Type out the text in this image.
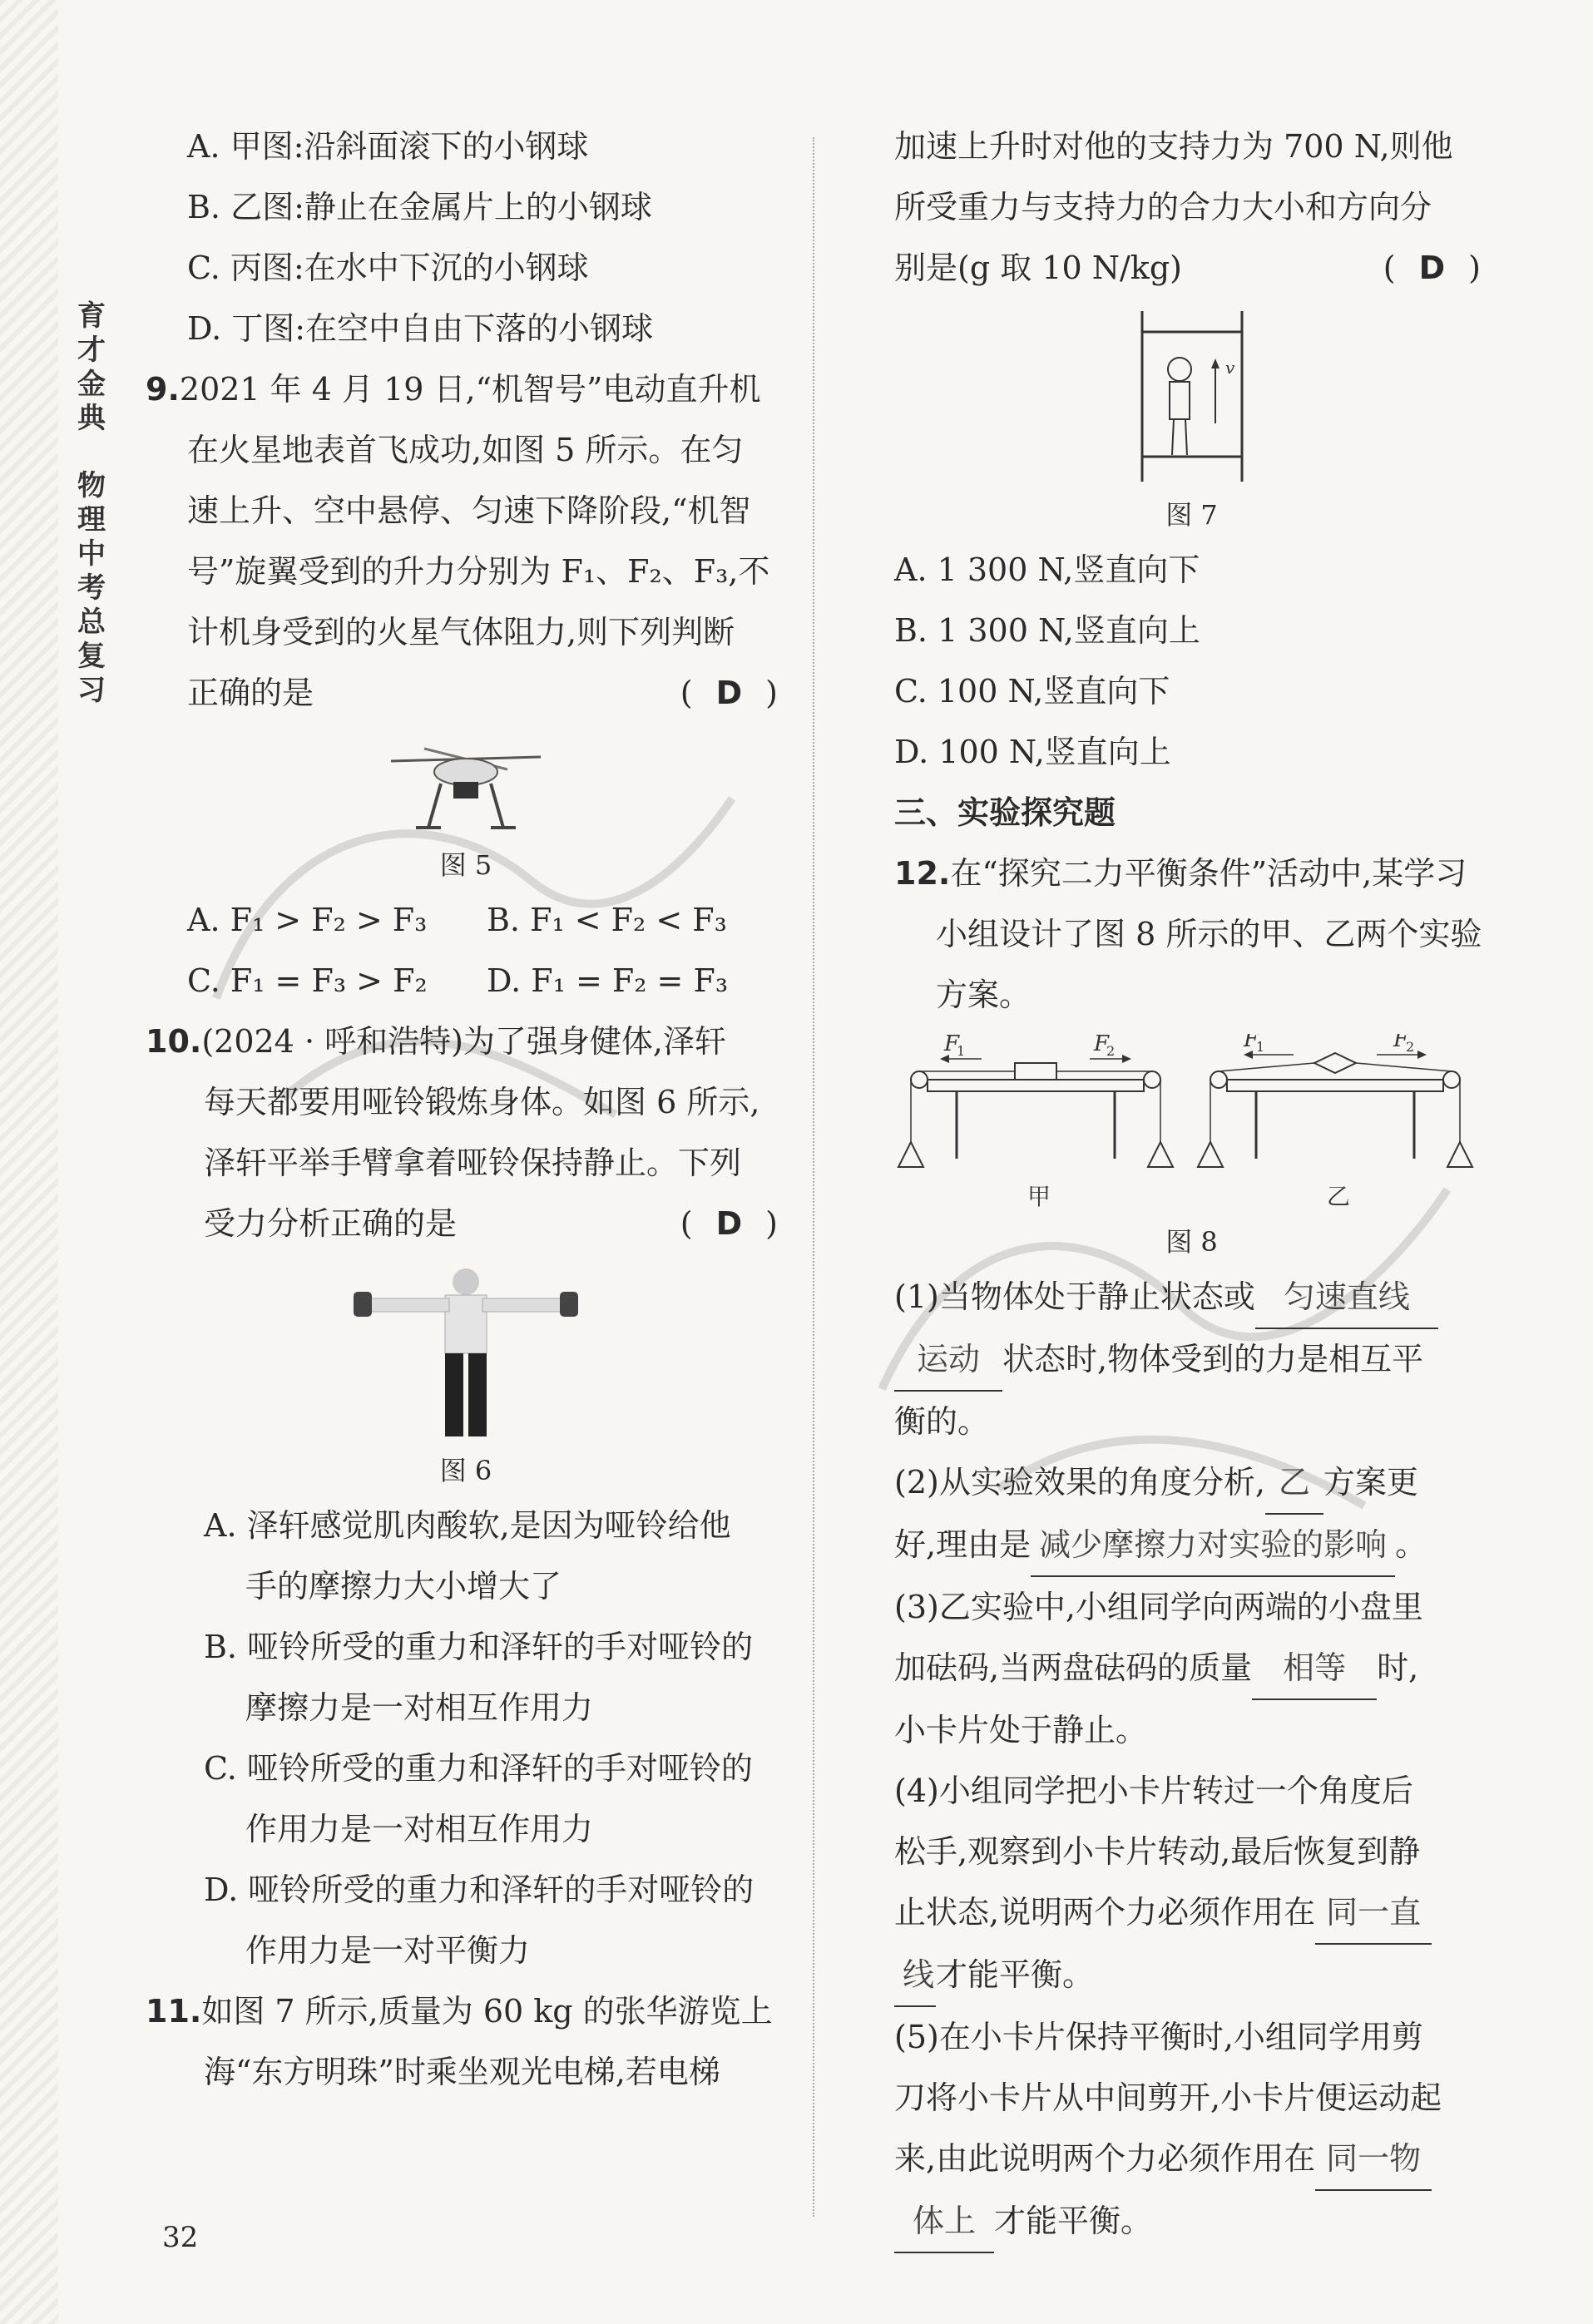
育
才
金
典
物
理
中
考
总
复
习
A. 甲图:沿斜面滚下的小钢球
B. 乙图:静止在金属片上的小钢球
C. 丙图:在水中下沉的小钢球
D. 丁图:在空中自由下落的小钢球
9.2021 年 4 月 19 日,“机智号”电动直升机
在火星地表首飞成功,如图 5 所示。在匀
速上升、空中悬停、匀速下降阶段,“机智
号”旋翼受到的升力分别为 F₁、F₂、F₃,不
计机身受到的火星气体阻力,则下列判断
正确的是	( D )
图 5
A. F₁ > F₂ > F₃	B. F₁ < F₂ < F₃
C. F₁ = F₃ > F₂	D. F₁ = F₂ = F₃
10.(2024 · 呼和浩特)为了强身健体,泽轩
每天都要用哑铃锻炼身体。如图 6 所示,
泽轩平举手臂拿着哑铃保持静止。下列
受力分析正确的是	( D )
图 6
A. 泽轩感觉肌肉酸软,是因为哑铃给他
手的摩擦力大小增大了
B. 哑铃所受的重力和泽轩的手对哑铃的
摩擦力是一对相互作用力
C. 哑铃所受的重力和泽轩的手对哑铃的
作用力是一对相互作用力
D. 哑铃所受的重力和泽轩的手对哑铃的
作用力是一对平衡力
11.如图 7 所示,质量为 60 kg 的张华游览上
海“东方明珠”时乘坐观光电梯,若电梯
加速上升时对他的支持力为 700 N,则他
所受重力与支持力的合力大小和方向分
别是(g 取 10 N/kg)	( D )
v
图 7
A. 1 300 N,竖直向下
B. 1 300 N,竖直向上
C. 100 N,竖直向下
D. 100 N,竖直向上
三、实验探究题
12.在“探究二力平衡条件”活动中,某学习
小组设计了图 8 所示的甲、乙两个实验
方案。
F
1	F
2
甲
F
1	F
2
乙
图 8
(1)当物体处于静止状态或 匀速直线
运动 状态时,物体受到的力是相互平
衡的。
(2)从实验效果的角度分析, 乙 方案更
好,理由是 减少摩擦力对实验的影响 。
(3)乙实验中,小组同学向两端的小盘里
加砝码,当两盘砝码的质量 相等 时,
小卡片处于静止。
(4)小组同学把小卡片转过一个角度后
松手,观察到小卡片转动,最后恢复到静
止状态,说明两个力必须作用在 同一直
线才能平衡。
(5)在小卡片保持平衡时,小组同学用剪
刀将小卡片从中间剪开,小卡片便运动起
来,由此说明两个力必须作用在 同一物
体上 才能平衡。
32
